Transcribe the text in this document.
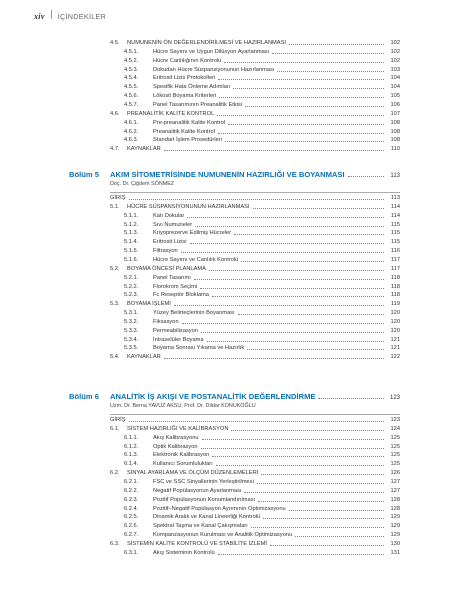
xiv İÇİNDEKİLER
4.5.	NUMUNENİN ÖN DEĞERLENDİRİLMESİ VE HAZIRLANMASI	102
4.5.1.	Hücre Sayımı ve Uygun Dilüsyon Ayarlanması	102
4.5.2.	Hücre Canlılığının Kontrolü	102
4.5.3.	Dokudan Hücre Süspansiyonunun Hazırlanması	103
4.5.4.	Eritrosit Lizis Protokolleri	104
4.5.5.	Spesifik Hata Önleme Adımları	104
4.5.6.	Lökosit Boyama Kriterleri	105
4.5.7.	Panel Tasarımının Preanalitik Etkisi	106
4.6.	PREANALİTİK KALİTE KONTROL	107
4.6.1.	Pre-preanalitik Kalite Kontrol	108
4.6.2.	Preanalitik Kalite Kontrol	108
4.6.3.	Standart İşlem Prosedürleri	108
4.7.	KAYNAKLAR	110
Bölüm 5	AKIM SİTOMETRİSİNDE NUMUNENİN HAZIRLIĞI VE BOYANMASI	113
Doç. Dr. Çiğdem SÖNMEZ
GİRİŞ	113
5.1.	HÜCRE SÜSPANSİYONUNUN HAZIRLANMASI	114
5.1.1.	Katı Dokular	114
5.1.2.	Sıvı Numuneler	115
5.1.3.	Kriyoprezerve Edilmiş Hücreler	115
5.1.4.	Eritrosit Lizisi	115
5.1.5.	Filtrasyon	116
5.1.6.	Hücre Sayımı ve Canlılık Kontrolü	117
5.2.	BOYAMA ÖNCESİ PLANLAMA	117
5.2.1.	Panel Tasarımı	118
5.2.2.	Florokrom Seçimi	118
5.2.3.	Fc Reseptör Bloklama	118
5.3.	BOYAMA İŞLEMİ	119
5.3.1.	Yüzey Belirteçlerinin Boyanması	120
5.3.2.	Fiksasyon	120
5.3.3.	Permeabilizasyon	120
5.3.4.	İntraselüler Boyama	121
5.3.5.	Boyama Sonrası Yıkama ve Hazırlık	121
5.4.	KAYNAKLAR	122
Bölüm 6	ANALİTİK İŞ AKIŞI VE POSTANALİTİK DEĞERLENDİRME	123
Uzm. Dr. Berna YAVUZ AKSU, Prof. Dr. Dildar KONUKOĞLU
GİRİŞ	123
6.1.	SİSTEM HAZIRLIĞI VE KALİBRASYON	124
6.1.1.	Akış Kalibrasyonu	125
6.1.2.	Optik Kalibrasyon	125
6.1.3.	Elektronik Kalibrasyon	125
6.1.4.	Kullanıcı Sorumlulukları	125
6.2.	SİNYAL AYARLAMA VE ÖLÇÜM DÜZENLEMELERİ	126
6.2.1.	FSC ve SSC Sinyallerinin Yerleştirilmesi	127
6.2.2.	Negatif Popülasyonun Ayarlanması	127
6.2.3.	Pozitif Popülasyonun Konumlandırılması	128
6.2.4.	Pozitif–Negatif Popülasyon Ayrımının Optimizasyonu	128
6.2.5.	Dinamik Aralık ve Kanal Lineerliği Kontrolü	129
6.2.6.	Spektral Taşma ve Kanal Çakışmaları	129
6.2.7.	Kompanzasyonun Kurulması ve Analitik Optimizasyonu	129
6.3.	SİSTEMİN KALİTE KONTROLÜ VE STABİLİTE İZLEMİ	130
6.3.1.	Akış Sisteminin Kontrolü	131
